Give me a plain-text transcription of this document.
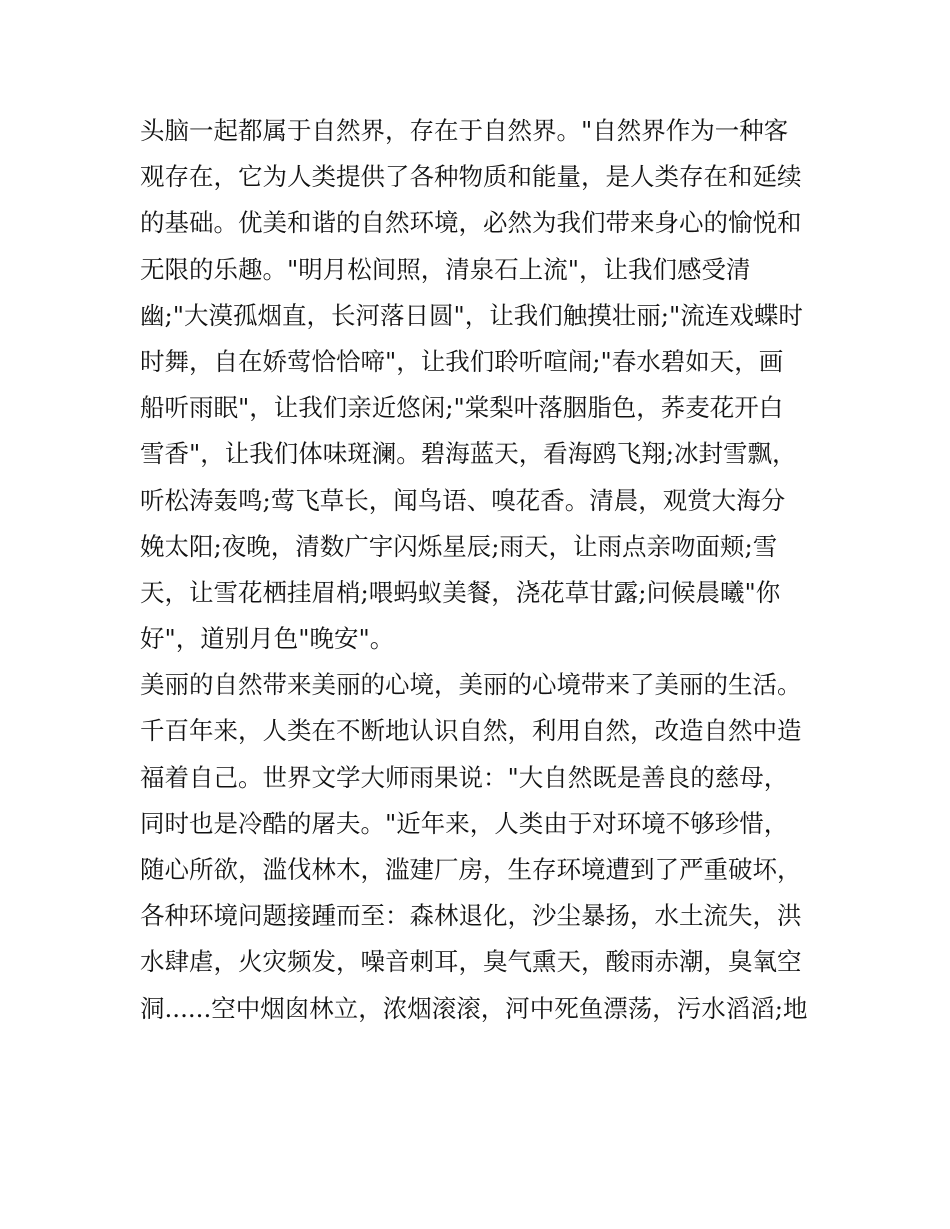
头脑一起都属于自然界，存在于自然界。"自然界作为一种客
观存在，它为人类提供了各种物质和能量，是人类存在和延续
的基础。优美和谐的自然环境，必然为我们带来身心的愉悦和
无限的乐趣。"明月松间照，清泉石上流"，让我们感受清
幽;"大漠孤烟直，长河落日圆"，让我们触摸壮丽;"流连戏蝶时
时舞，自在娇莺恰恰啼"，让我们聆听喧闹;"春水碧如天，画
船听雨眠"，让我们亲近悠闲;"棠梨叶落胭脂色，荞麦花开白
雪香"，让我们体味斑澜。碧海蓝天，看海鸥飞翔;冰封雪飘，
听松涛轰鸣;莺飞草长，闻鸟语、嗅花香。清晨，观赏大海分
娩太阳;夜晚，清数广宇闪烁星辰;雨天，让雨点亲吻面颊;雪
天，让雪花栖挂眉梢;喂蚂蚁美餐，浇花草甘露;问候晨曦"你
好"，道别月色"晚安"。
美丽的自然带来美丽的心境，美丽的心境带来了美丽的生活。
千百年来，人类在不断地认识自然，利用自然，改造自然中造
福着自己。世界文学大师雨果说："大自然既是善良的慈母，
同时也是冷酷的屠夫。"近年来，人类由于对环境不够珍惜，
随心所欲，滥伐林木，滥建厂房，生存环境遭到了严重破坏，
各种环境问题接踵而至：森林退化，沙尘暴扬，水土流失，洪
水肆虐，火灾频发，噪音刺耳，臭气熏天，酸雨赤潮，臭氧空
洞......空中烟囱林立，浓烟滚滚，河中死鱼漂荡，污水滔滔;地
